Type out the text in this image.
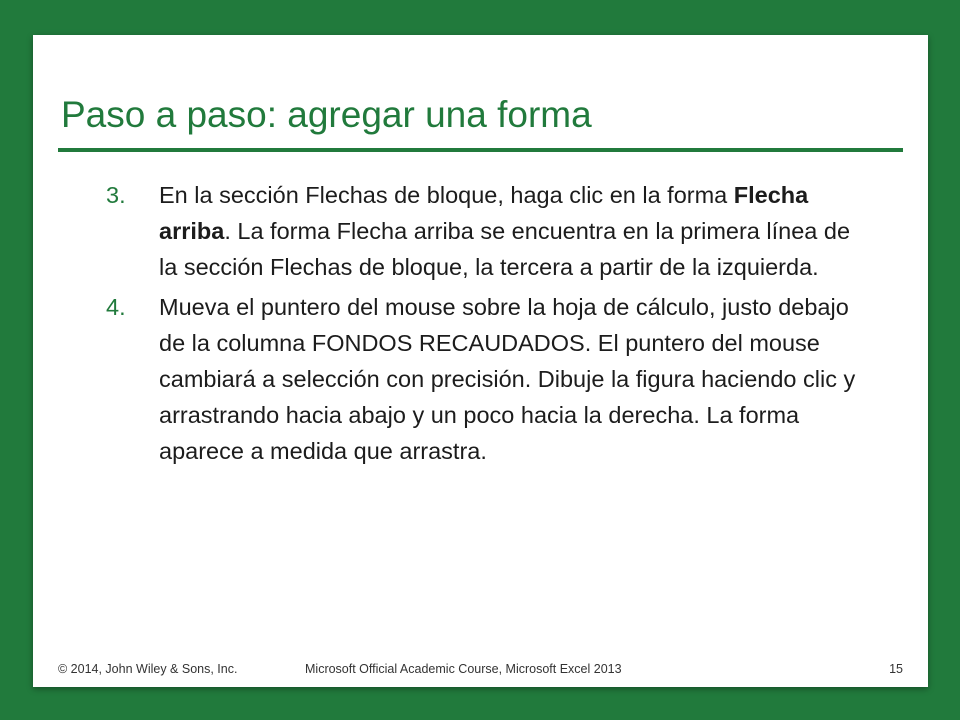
Paso a paso: agregar una forma
3. En la sección Flechas de bloque, haga clic en la forma Flecha arriba. La forma Flecha arriba se encuentra en la primera línea de la sección Flechas de bloque, la tercera a partir de la izquierda.
4. Mueva el puntero del mouse sobre la hoja de cálculo, justo debajo de la columna FONDOS RECAUDADOS. El puntero del mouse cambiará a selección con precisión. Dibuje la figura haciendo clic y arrastrando hacia abajo y un poco hacia la derecha. La forma aparece a medida que arrastra.
© 2014, John Wiley & Sons, Inc.	Microsoft Official Academic Course, Microsoft Excel 2013	15
